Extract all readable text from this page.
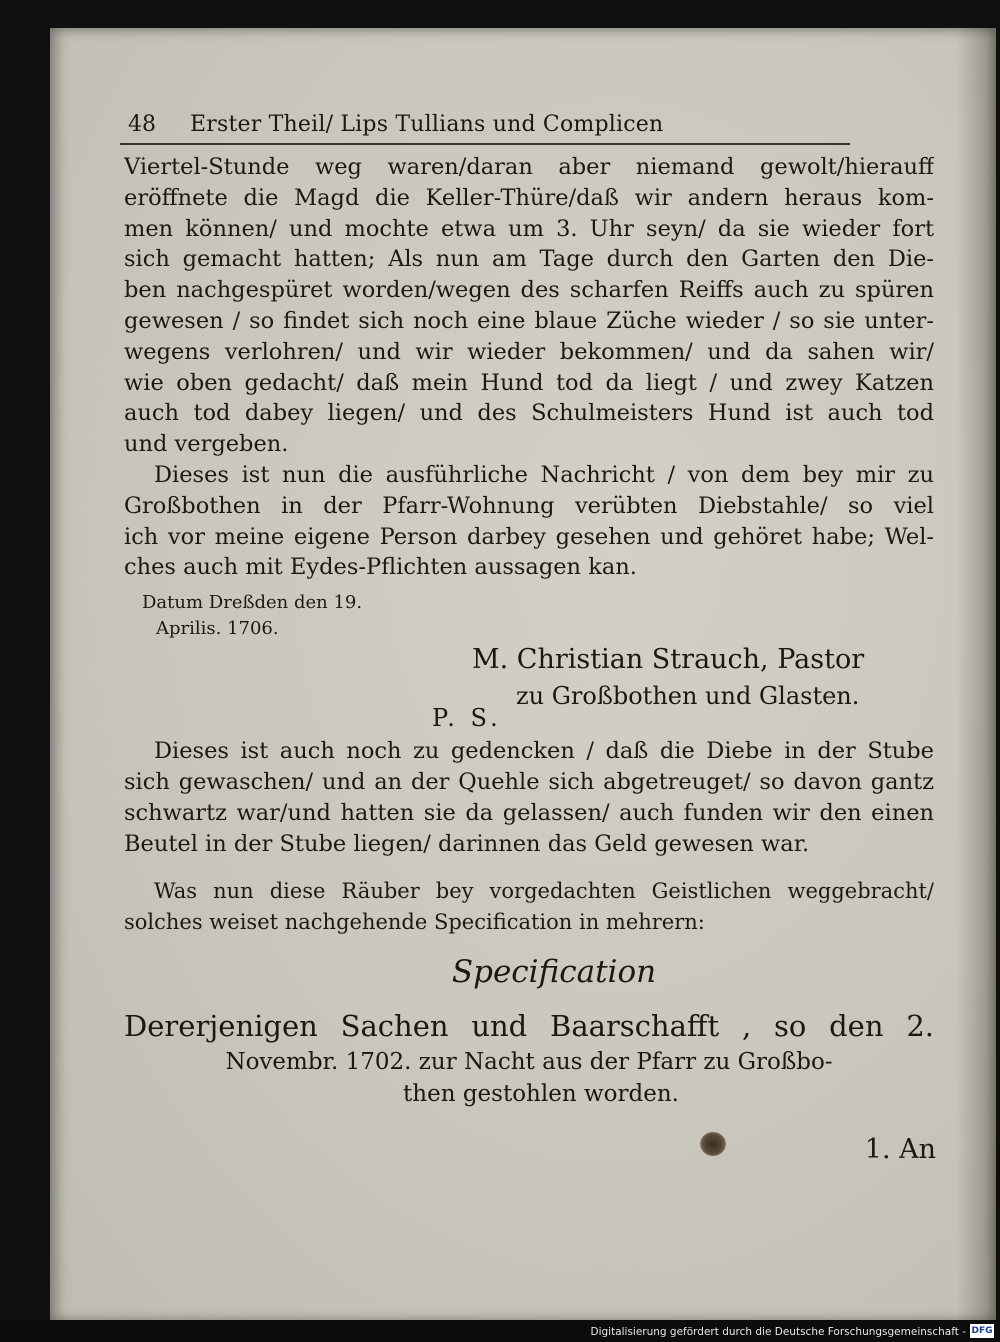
48 Erster Theil/ Lips Tullians und Complicen
Viertel-Stunde weg waren/daran aber niemand gewolt/hierauff
eröffnete die Magd die Keller-Thüre/daß wir andern heraus kom-
men können/ und mochte etwa um 3. Uhr seyn/ da sie wieder fort
sich gemacht hatten; Als nun am Tage durch den Garten den Die-
ben nachgespüret worden/wegen des scharfen Reiffs auch zu spüren
gewesen / so findet sich noch eine blaue Züche wieder / so sie unter-
wegens verlohren/ und wir wieder bekommen/ und da sahen wir/
wie oben gedacht/ daß mein Hund tod da liegt / und zwey Katzen
auch tod dabey liegen/ und des Schulmeisters Hund ist auch tod
und vergeben.
Dieses ist nun die ausführliche Nachricht / von dem bey mir zu
Großbothen in der Pfarr-Wohnung verübten Diebstahle/ so viel
ich vor meine eigene Person darbey gesehen und gehöret habe; Wel-
ches auch mit Eydes-Pflichten aussagen kan.
Datum Dreßden den 19.
Aprilis. 1706.
M. Christian Strauch, Pastor
zu Großbothen und Glasten.
P. S.
Dieses ist auch noch zu gedencken / daß die Diebe in der Stube
sich gewaschen/ und an der Quehle sich abgetreuget/ so davon gantz
schwartz war/und hatten sie da gelassen/ auch funden wir den einen
Beutel in der Stube liegen/ darinnen das Geld gewesen war.
Was nun diese Räuber bey vorgedachten Geistlichen weggebracht/
solches weiset nachgehende Specification in mehrern:
Specification
Dererjenigen Sachen und Baarschafft , so den 2.
Novembr. 1702. zur Nacht aus der Pfarr zu Großbo-
then gestohlen worden.
1. An
Digitalisierung gefördert durch die Deutsche Forschungsgemeinschaft - DFG
